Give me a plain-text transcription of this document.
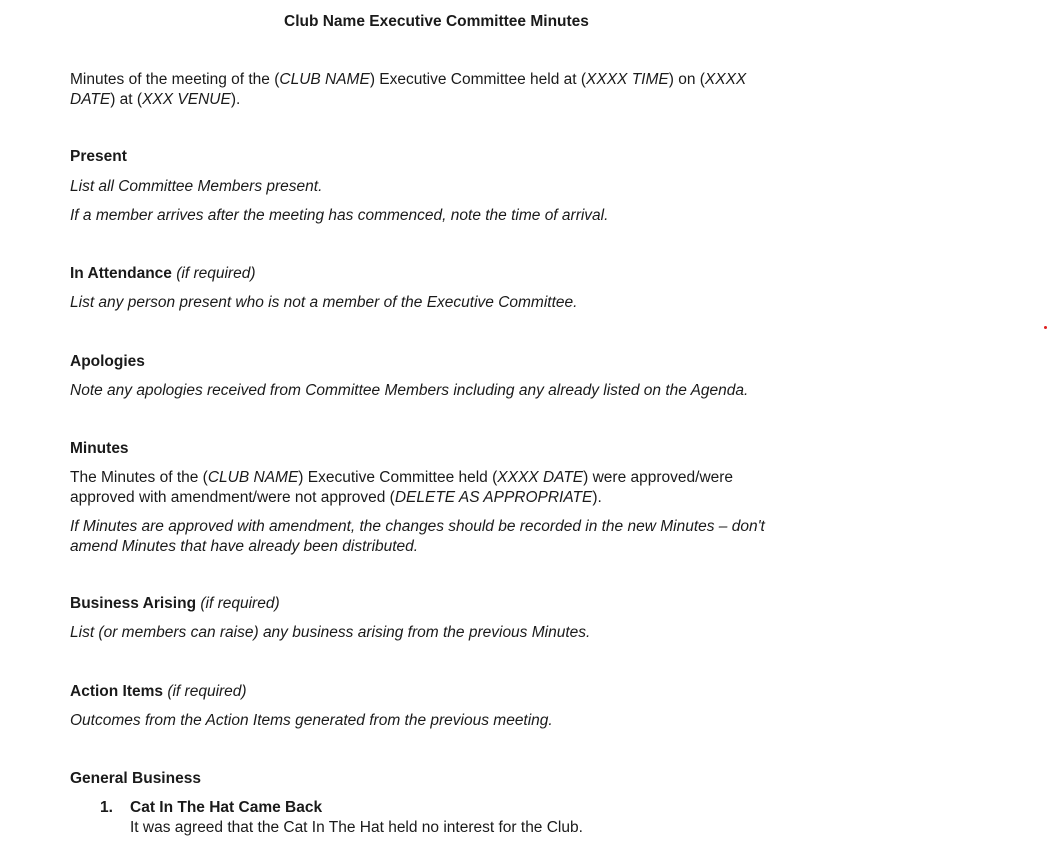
Club Name Executive Committee Minutes
Minutes of the meeting of the (CLUB NAME) Executive Committee held at (XXXX TIME) on (XXXX
DATE) at (XXX VENUE).
Present
List all Committee Members present.
If a member arrives after the meeting has commenced, note the time of arrival.
In Attendance (if required)
List any person present who is not a member of the Executive Committee.
Apologies
Note any apologies received from Committee Members including any already listed on the Agenda.
Minutes
The Minutes of the (CLUB NAME) Executive Committee held (XXXX DATE) were approved/were
approved with amendment/were not approved (DELETE AS APPROPRIATE).
If Minutes are approved with amendment, the changes should be recorded in the new Minutes – don't
amend Minutes that have already been distributed.
Business Arising (if required)
List (or members can raise) any business arising from the previous Minutes.
Action Items (if required)
Outcomes from the Action Items generated from the previous meeting.
General Business
1. Cat In The Hat Came Back
It was agreed that the Cat In The Hat held no interest for the Club.
